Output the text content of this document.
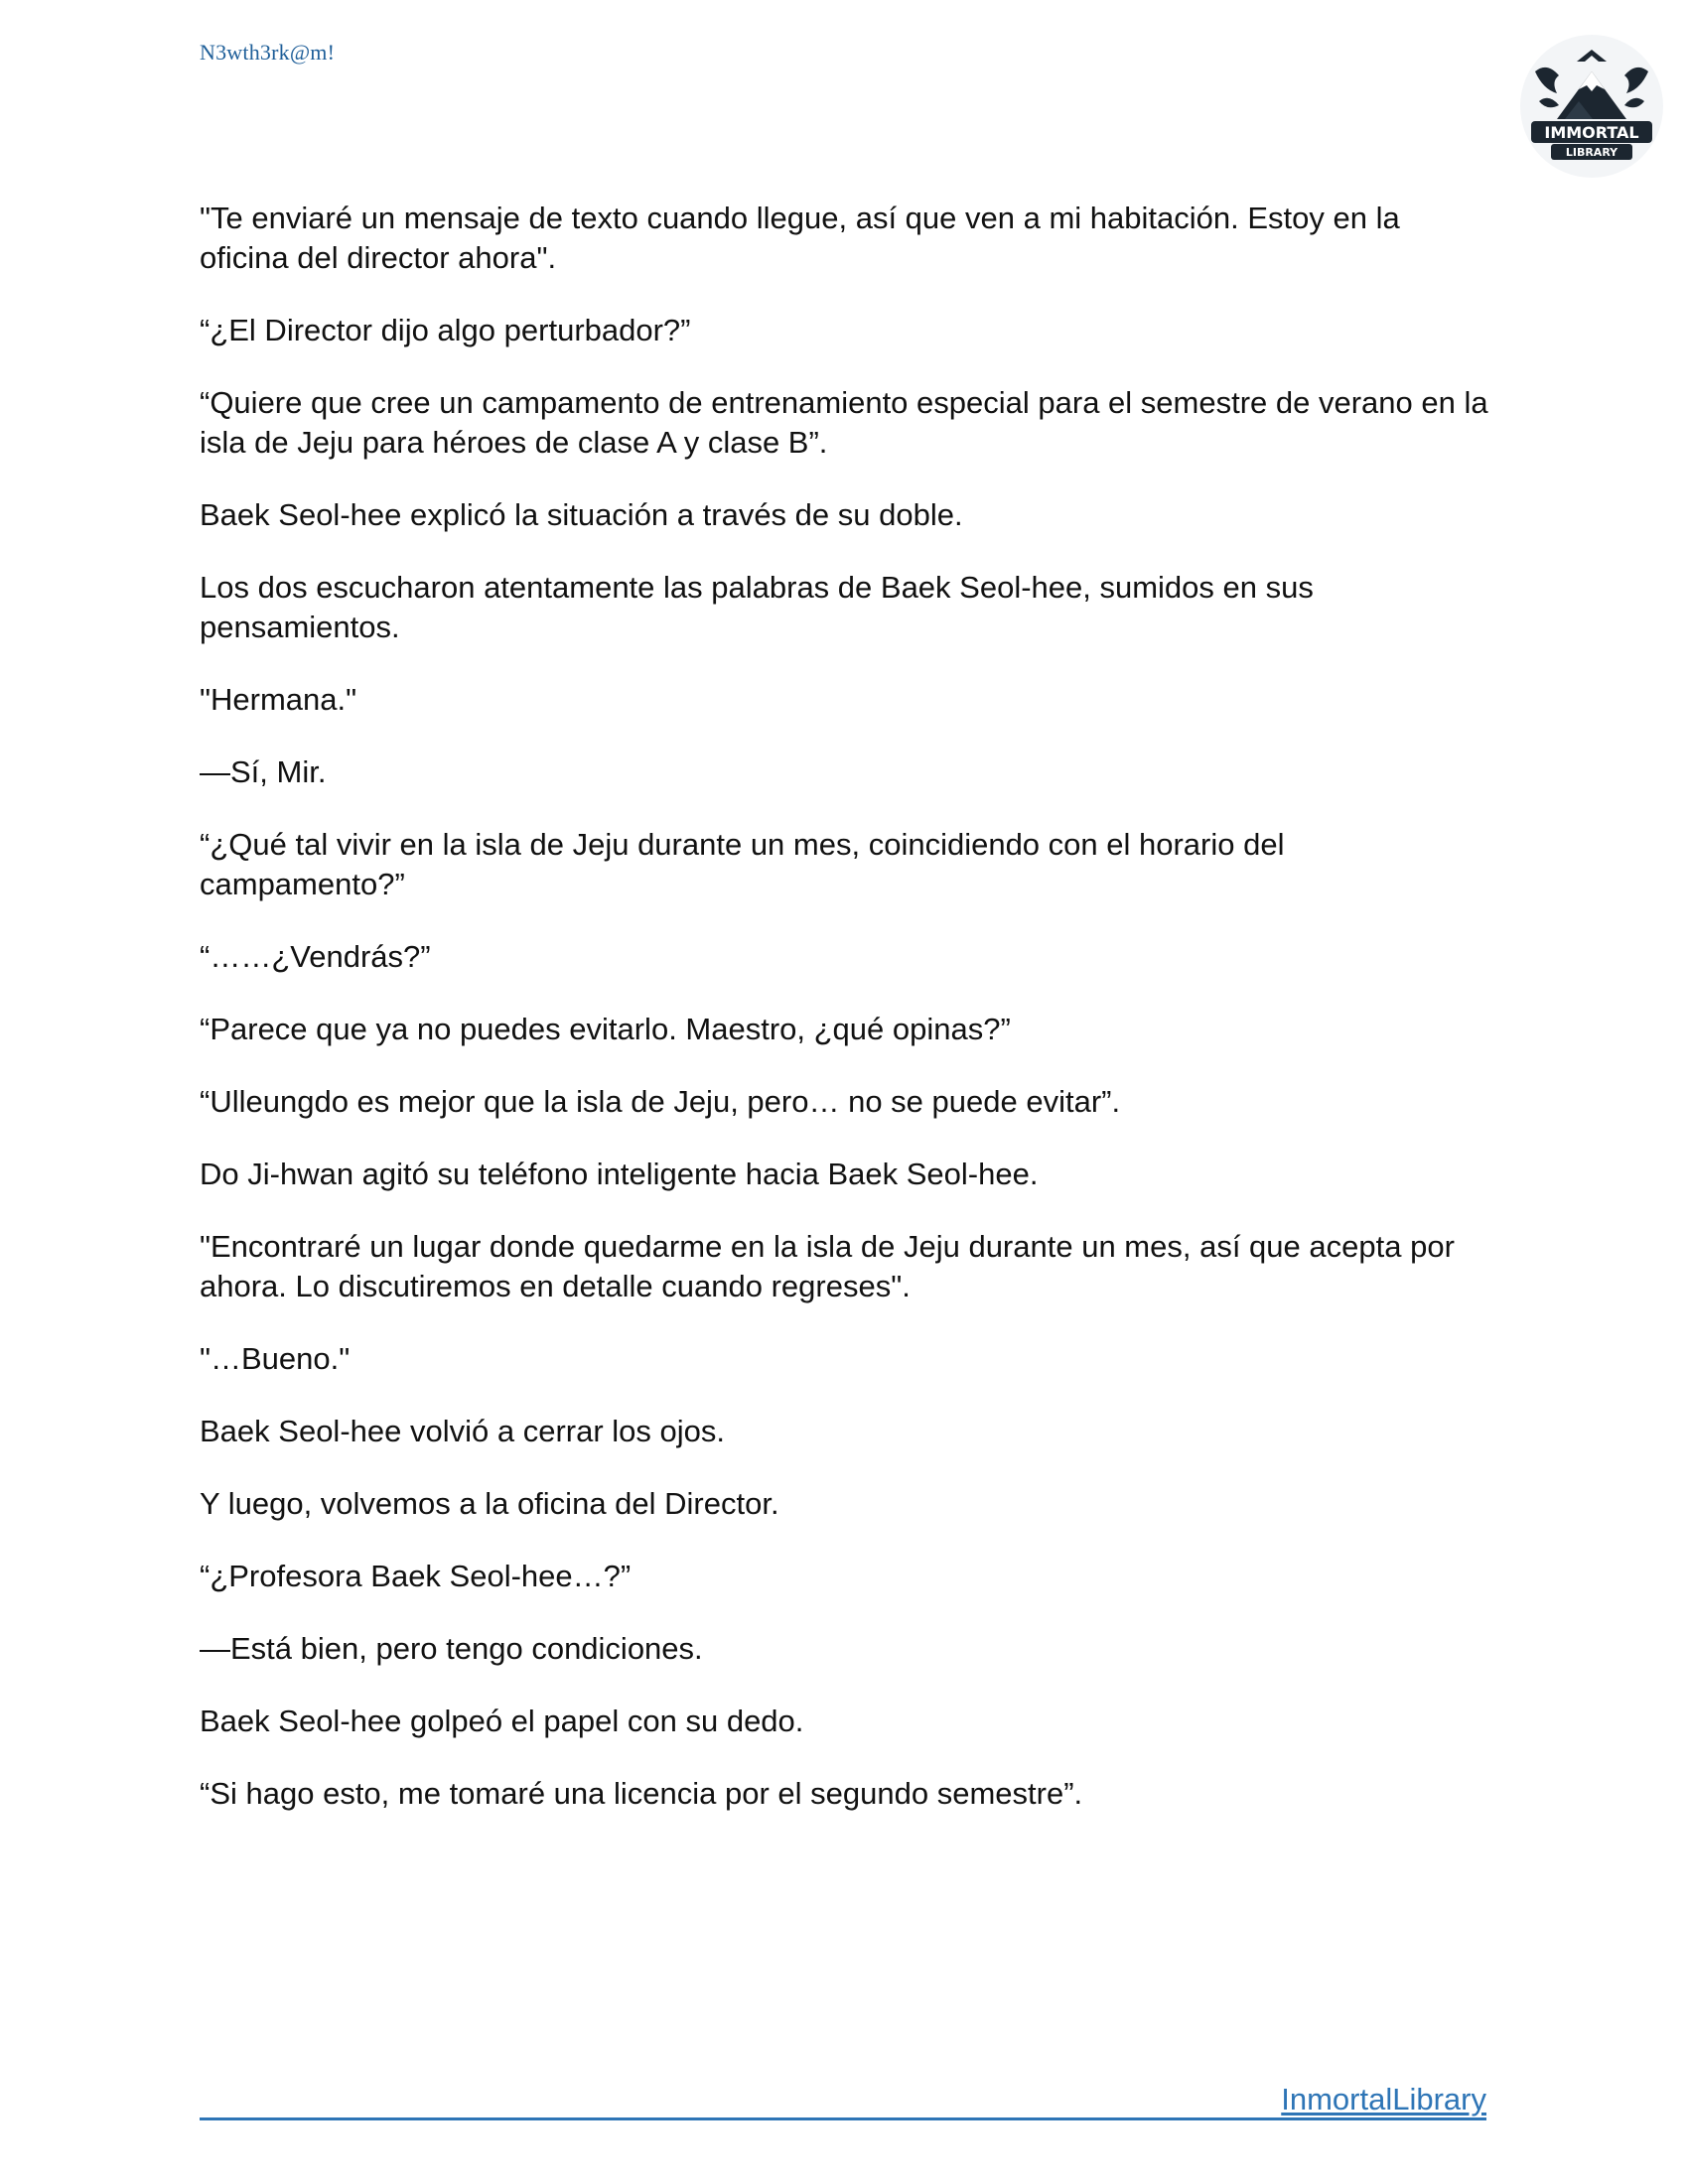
N3wth3rk@m!
IMMORTAL
LIBRARY

"Te enviaré un mensaje de texto cuando llegue, así que ven a mi habitación. Estoy en la oficina del director ahora".

“¿El Director dijo algo perturbador?”

“Quiere que cree un campamento de entrenamiento especial para el semestre de verano en la isla de Jeju para héroes de clase A y clase B”.

Baek Seol-hee explicó la situación a través de su doble.

Los dos escucharon atentamente las palabras de Baek Seol-hee, sumidos en sus pensamientos.

"Hermana."

—Sí, Mir.

“¿Qué tal vivir en la isla de Jeju durante un mes, coincidiendo con el horario del campamento?”

“……¿Vendrás?”

“Parece que ya no puedes evitarlo. Maestro, ¿qué opinas?”

“Ulleungdo es mejor que la isla de Jeju, pero… no se puede evitar”.

Do Ji-hwan agitó su teléfono inteligente hacia Baek Seol-hee.

"Encontraré un lugar donde quedarme en la isla de Jeju durante un mes, así que acepta por ahora. Lo discutiremos en detalle cuando regreses".

"…Bueno."

Baek Seol-hee volvió a cerrar los ojos.

Y luego, volvemos a la oficina del Director.

“¿Profesora Baek Seol-hee…?”

—Está bien, pero tengo condiciones.

Baek Seol-hee golpeó el papel con su dedo.

“Si hago esto, me tomaré una licencia por el segundo semestre”.

InmortalLibrary
